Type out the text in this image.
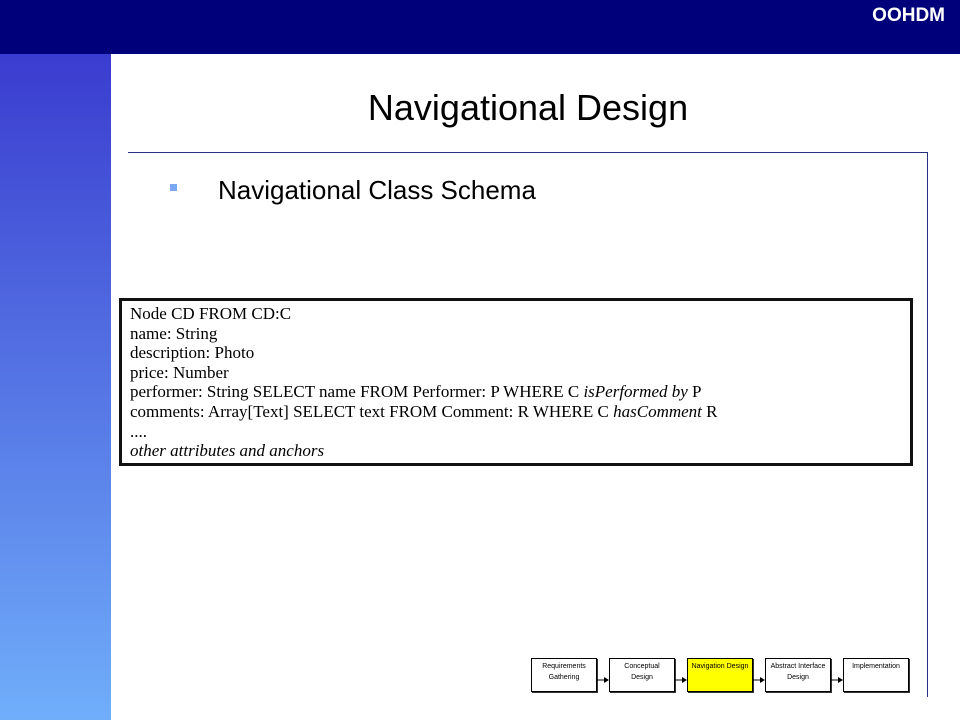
OOHDM
Navigational Design
Navigational Class Schema
Node CD FROM CD:C
name: String
description: Photo
price: Number
performer: String SELECT name FROM Performer: P WHERE C isPerformed by P
comments: Array[Text] SELECT text FROM Comment: R WHERE C hasComment R
....
other attributes and anchors
Requirements
Gathering
Conceptual
Design
Navigation Design	Abstract Interface
Design
Implementation
